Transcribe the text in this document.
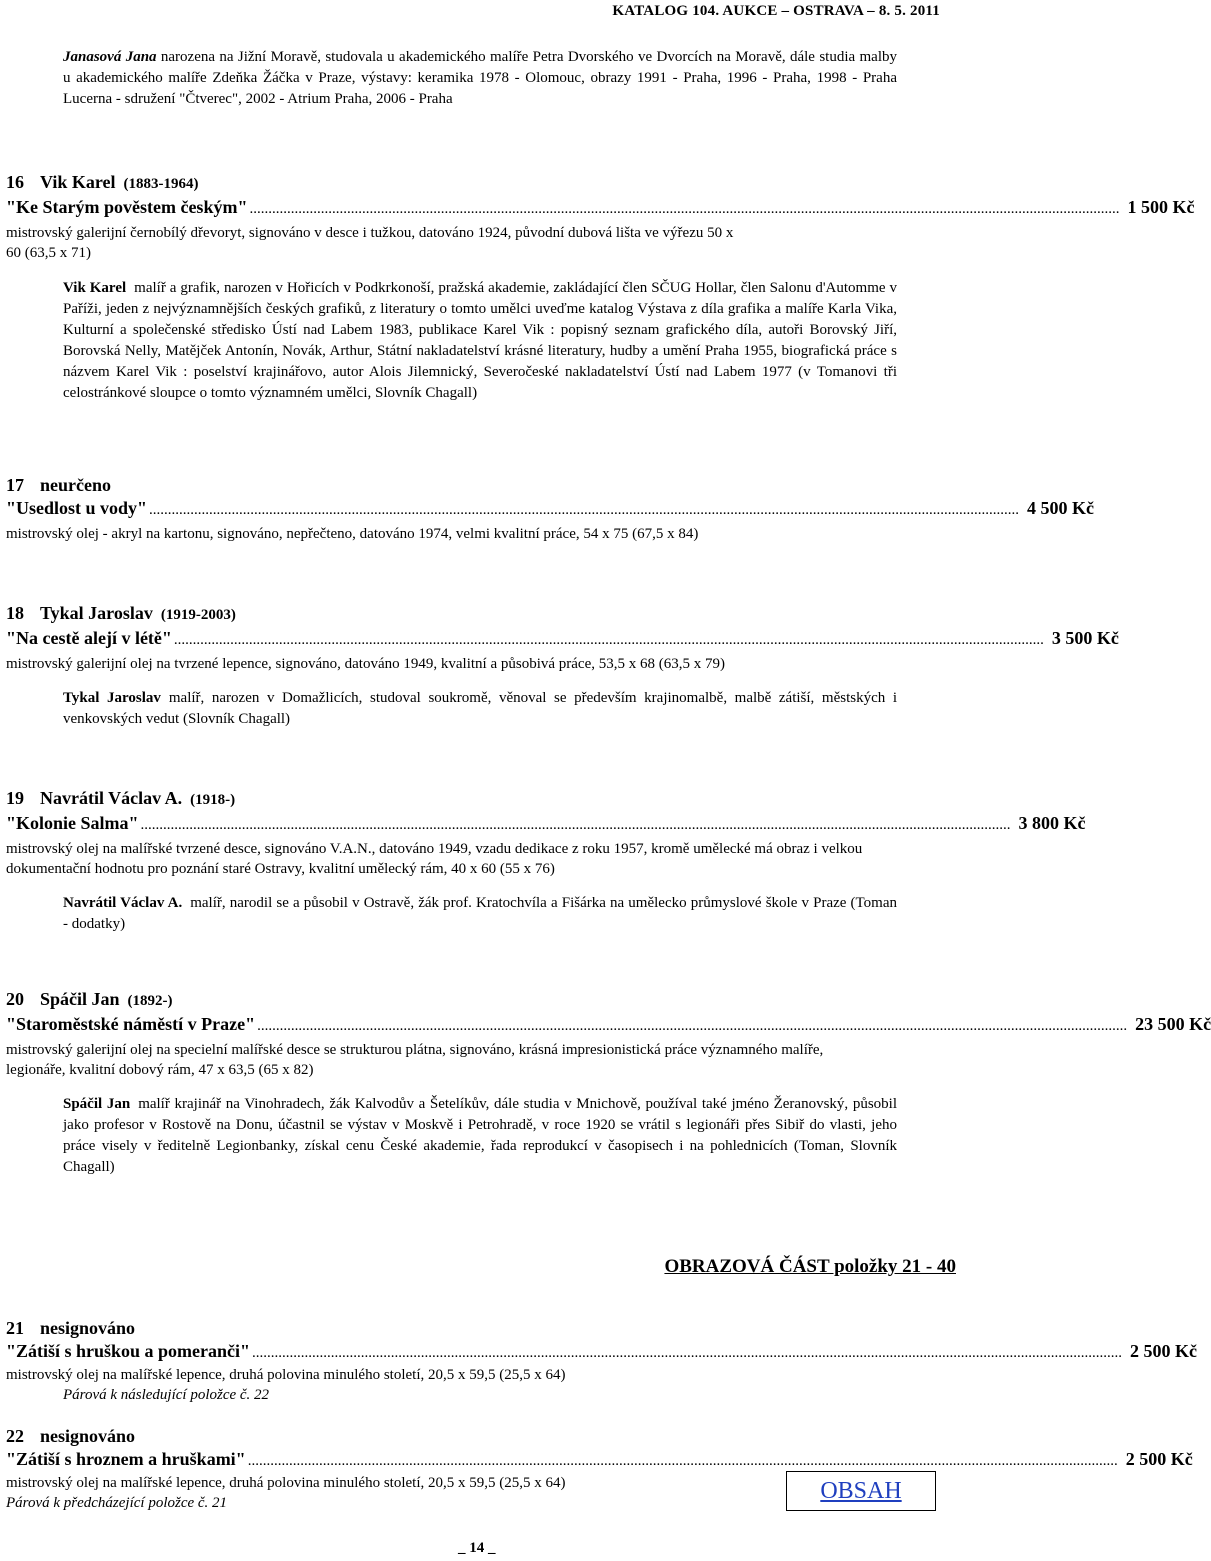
KATALOG 104. AUKCE – OSTRAVA – 8. 5. 2011
Janasová Jana narozena na Jižní Moravě, studovala u akademického malíře Petra Dvorského ve Dvorcích na Moravě, dále studia malby u akademického malíře Zdeňka Žáčka v Praze, výstavy: keramika 1978 - Olomouc, obrazy 1991 - Praha, 1996 - Praha, 1998 - Praha Lucerna - sdružení "Čtverec", 2002 - Atrium Praha, 2006 - Praha
16 Vik Karel (1883-1964)
"Ke Starým pověstem českým" ........................................................................................................................................................................................................................................ 1 500 Kč
mistrovský galerijní černobílý dřevoryt, signováno v desce i tužkou, datováno 1924, původní dubová lišta ve výřezu 50 x 60 (63,5 x 71)
Vik Karel malíř a grafik, narozen v Hořicích v Podkrkonoší, pražská akademie, zakládající člen SČUG Hollar, člen Salonu d'Automme v Paříži, jeden z nejvýznamnějších českých grafiků, z literatury o tomto umělci uveďme katalog Výstava z díla grafika a malíře Karla Vika, Kulturní a společenské středisko Ústí nad Labem 1983, publikace Karel Vik : popisný seznam grafického díla, autoři Borovský Jiří, Borovská Nelly, Matějček Antonín, Novák, Arthur, Státní nakladatelství krásné literatury, hudby a umění Praha 1955, biografická práce s názvem Karel Vik : poselství krajinářovo, autor Alois Jilemnický, Severočeské nakladatelství Ústí nad Labem 1977 (v Tomanovi tři celostránkové sloupce o tomto významném umělci, Slovník Chagall)
17 neurčeno
"Usedlost u vody" ........................................................................................................................................................................................................................................ 4 500 Kč
mistrovský olej - akryl na kartonu, signováno, nepřečteno, datováno 1974, velmi kvalitní práce, 54 x 75 (67,5 x 84)
18 Tykal Jaroslav (1919-2003)
"Na cestě alejí v létě" ........................................................................................................................................................................................................................................ 3 500 Kč
mistrovský galerijní olej na tvrzené lepence, signováno, datováno 1949, kvalitní a působivá práce, 53,5 x 68 (63,5 x 79)
Tykal Jaroslav malíř, narozen v Domažlicích, studoval soukromě, věnoval se především krajinomalbě, malbě zátiší, městských i venkovských vedut (Slovník Chagall)
19 Navrátil Václav A. (1918-)
"Kolonie Salma" ........................................................................................................................................................................................................................................ 3 800 Kč
mistrovský olej na malířské tvrzené desce, signováno V.A.N., datováno 1949, vzadu dedikace z roku 1957, kromě umělecké má obraz i velkou dokumentační hodnotu pro poznání staré Ostravy, kvalitní umělecký rám, 40 x 60 (55 x 76)
Navrátil Václav A. malíř, narodil se a působil v Ostravě, žák prof. Kratochvíla a Fišárka na umělecko průmyslové škole v Praze (Toman - dodatky)
20 Spáčil Jan (1892-)
"Staroměstské náměstí v Praze" ........................................................................................................................................................................................................................................ 23 500 Kč
mistrovský galerijní olej na specielní malířské desce se strukturou plátna, signováno, krásná impresionistická práce významného malíře, legionáře, kvalitní dobový rám, 47 x 63,5 (65 x 82)
Spáčil Jan malíř krajinář na Vinohradech, žák Kalvodův a Šetelíkův, dále studia v Mnichově, používal také jméno Žeranovský, působil jako profesor v Rostově na Donu, účastnil se výstav v Moskvě i Petrohradě, v roce 1920 se vrátil s legionáři přes Sibiř do vlasti, jeho práce visely v ředitelně Legionbanky, získal cenu České akademie, řada reprodukcí v časopisech i na pohlednicích (Toman, Slovník Chagall)
OBRAZOVÁ ČÁST položky 21 - 40
21 nesignováno
"Zátiší s hruškou a pomeranči" ........................................................................................................................................................................................................................................ 2 500 Kč
mistrovský olej na malířské lepence, druhá polovina minulého století, 20,5 x 59,5 (25,5 x 64)
Párová k následující položce č. 22
22 nesignováno
"Zátiší s hroznem a hruškami" ........................................................................................................................................................................................................................................ 2 500 Kč
mistrovský olej na malířské lepence, druhá polovina minulého století, 20,5 x 59,5 (25,5 x 64)
Párová k předcházející položce č. 21	OBSAH
_ 14 _
